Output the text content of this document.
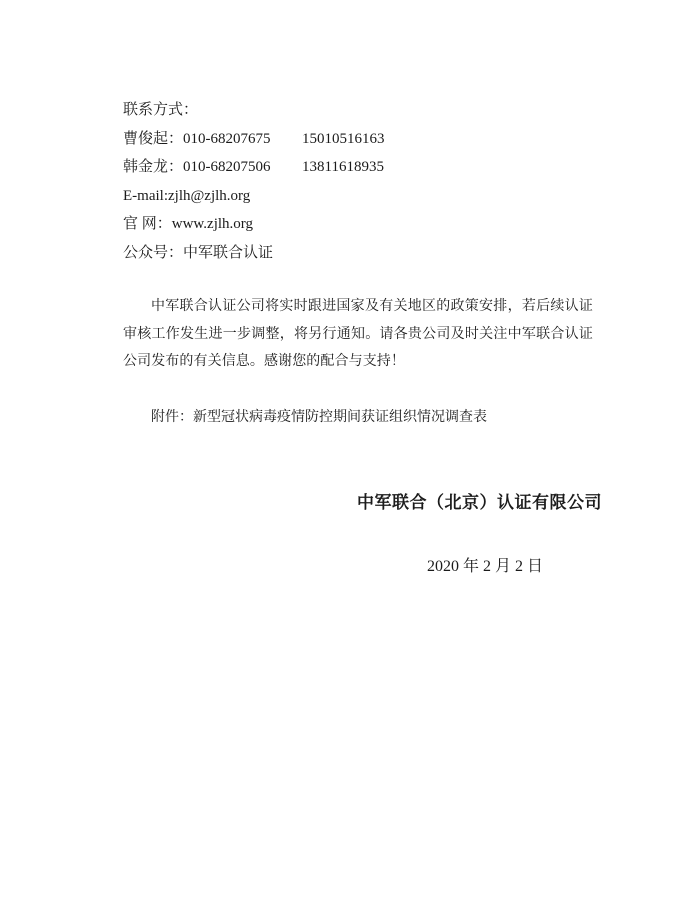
联系方式：
曹俊起：010-68207675 15010516163
韩金龙：010-68207506 13811618935
E-mail:zjlh@zjlh.org
官 网：www.zjlh.org
公众号：中军联合认证

中军联合认证公司将实时跟进国家及有关地区的政策安排，若后续认证审核工作发生进一步调整，将另行通知。请各贵公司及时关注中军联合认证公司发布的有关信息。感谢您的配合与支持！

附件：新型冠状病毒疫情防控期间获证组织情况调查表

中军联合（北京）认证有限公司
2020 年 2 月 2 日
